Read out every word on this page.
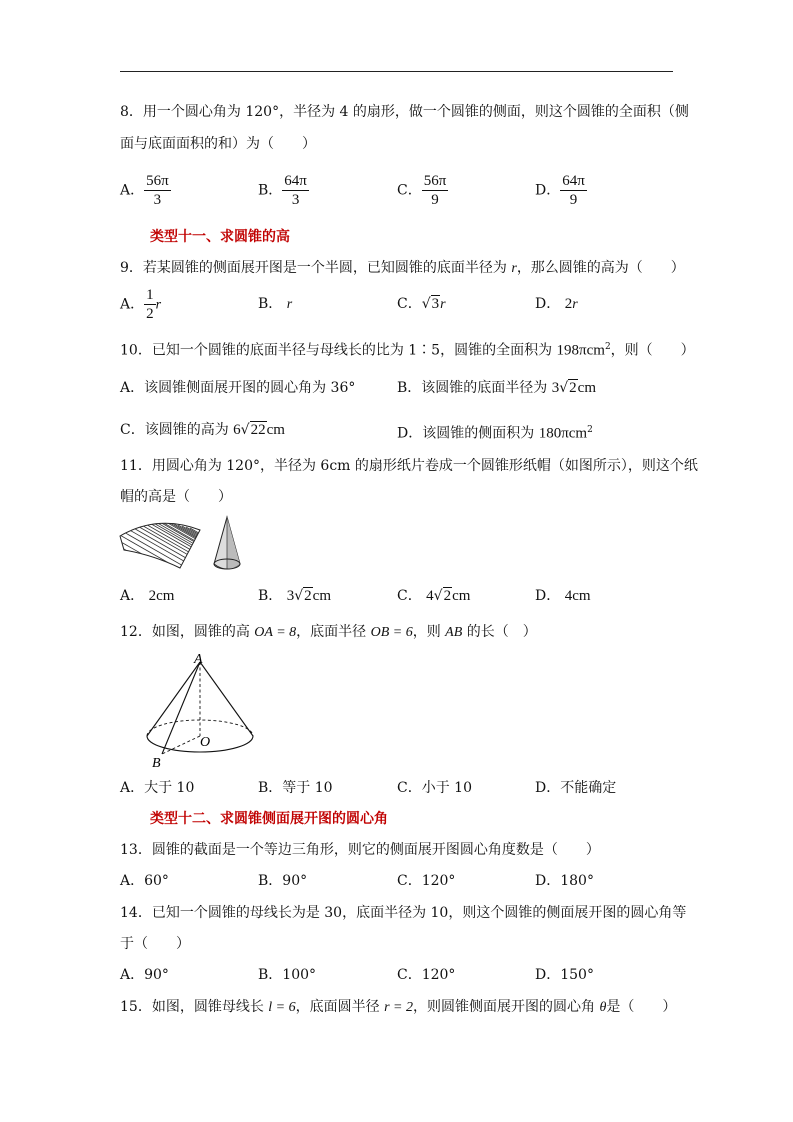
8．用一个圆心角为 120°，半径为 4 的扇形，做一个圆锥的侧面，则这个圆锥的全面积（侧
面与底面面积的和）为（　　）
A． $\frac{56\pi}{3}$	B． $\frac{64\pi}{3}$	C． $\frac{56\pi}{9}$	D． $\frac{64\pi}{9}$
类型十一、求圆锥的高
9．若某圆锥的侧面展开图是一个半圆，已知圆锥的底面半径为 r，那么圆锥的高为（　　）
A． $\frac{1}{2}$ r	B． r	C．√3r	D． 2r
10．已知一个圆锥的底面半径与母线长的比为 1∶5，圆锥的全面积为 198πcm$^2$，则（　　）
A．该圆锥侧面展开图的圆心角为 36°	B．该圆锥的底面半径为 3√2cm
C．该圆锥的高为 6√22cm	D．该圆锥的侧面积为 180πcm$^2$
11．用圆心角为 120°，半径为 6cm 的扇形纸片卷成一个圆锥形纸帽（如图所示），则这个纸
帽的高是（　　）
A． 2cm	B． 3√2cm	C． 4√2cm	D． 4cm
12．如图，圆锥的高 OA = 8，底面半径 OB = 6，则 AB 的长（　）
A
O
B
A．大于 10	B．等于 10	C．小于 10	D．不能确定
类型十二、求圆锥侧面展开图的圆心角
13．圆锥的截面是一个等边三角形，则它的侧面展开图圆心角度数是（　　）
A．60°	B．90°	C．120°	D．180°
14．已知一个圆锥的母线长为是 30，底面半径为 10，则这个圆锥的侧面展开图的圆心角等
于（　　）
A．90°	B．100°	C．120°	D．150°
15．如图，圆锥母线长 l = 6，底面圆半径 r = 2，则圆锥侧面展开图的圆心角 θ是（　　）
